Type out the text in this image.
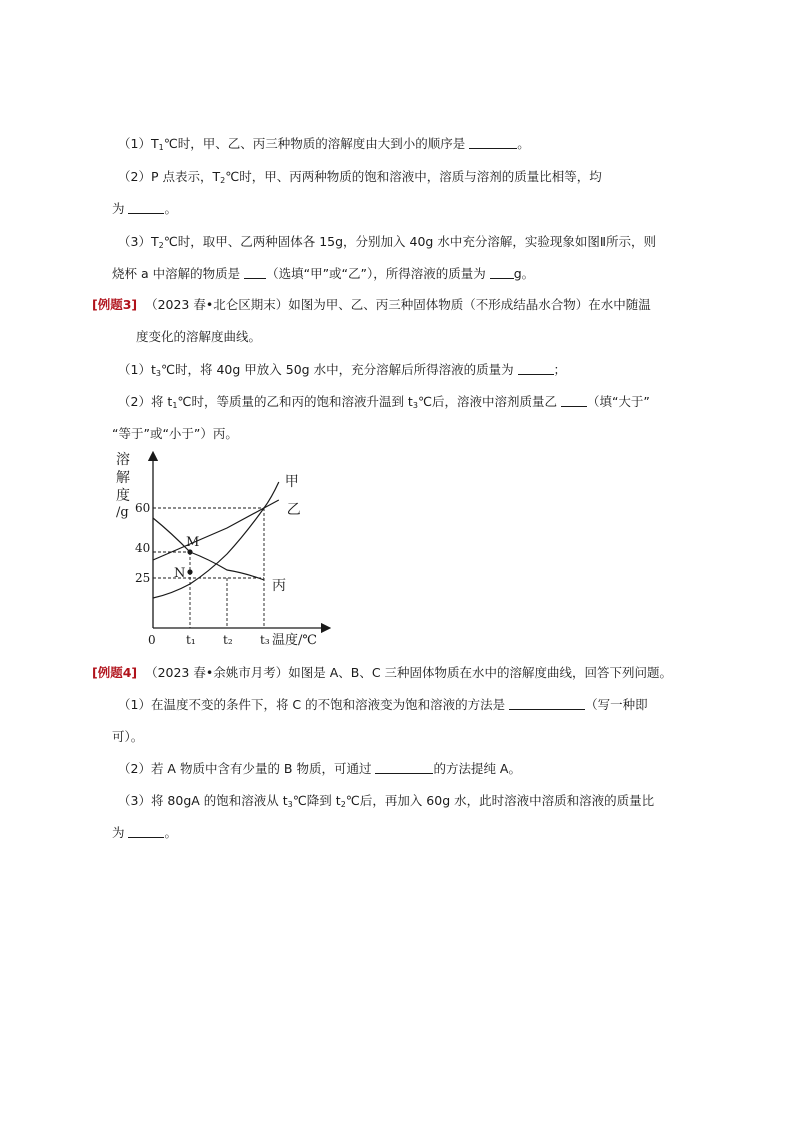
$(1)T_1℃$时，甲、乙、丙三种物质的溶解度由大到小的顺序是	。
（2）P 点表示，$T_2℃$时，甲、丙两种物质的饱和溶液中，溶质与溶剂的质量比相等，均
为	。
$(3)T_2℃$时，取甲、乙两种固体各 15g，分别加入 40g 水中充分溶解，实验现象如图Ⅱ所示，则
烧杯 a 中溶解的物质是 （选填“甲”或“乙”），所得溶液的质量为 g。
[例题3] （2023 春•北仑区期末）如图为甲、乙、丙三种固体物质（不形成结晶水合物）在水中随温
度变化的溶解度曲线。
$(1)t_3℃$时，将 40g 甲放入 50g 水中，充分溶解后所得溶液的质量为	；
（2）将 $t_1℃$时，等质量的乙和丙的饱和溶液升温到 $t_3℃$后，溶液中溶剂质量乙 （填“大于”
“等于”或“小于”）丙。
溶
解
度
/g
温度/℃
0
25
40
60
t₁ t₂ t₃
甲
乙
丙
M
N
[例题4] （2023 春•余姚市月考）如图是 A、B、C 三种固体物质在水中的溶解度曲线，回答下列问题。
（1）在温度不变的条件下，将 C 的不饱和溶液变为饱和溶液的方法是	（写一种即
可）。
（2）若 A 物质中含有少量的 B 物质，可通过	的方法提纯 A。
（3）将 80gA 的饱和溶液从 $t_3℃$降到 $t_2℃$后，再加入 60g 水，此时溶液中溶质和溶液的质量比
为	。
